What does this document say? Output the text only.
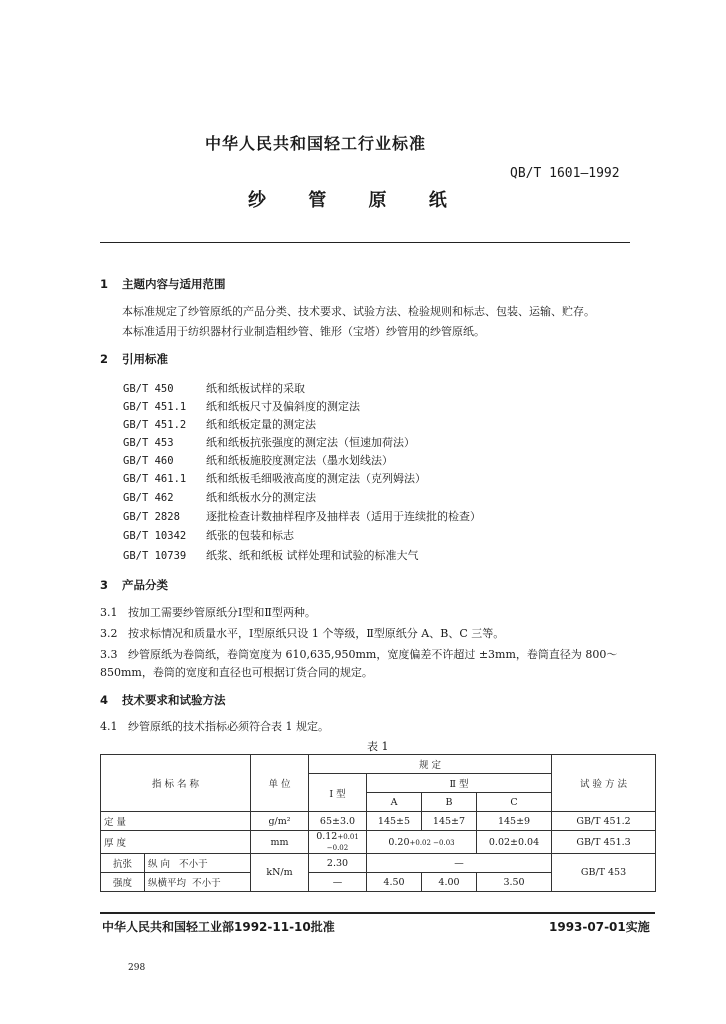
中华人民共和国轻工行业标准
QB/T 1601—1992
纱 管 原 纸
1 主题内容与适用范围
本标准规定了纱管原纸的产品分类、技术要求、试验方法、检验规则和标志、包装、运输、贮存。
本标准适用于纺织器材行业制造粗纱管、锥形（宝塔）纱管用的纱管原纸。
2 引用标准
GB/T 450	纸和纸板试样的采取
GB/T 451.1 纸和纸板尺寸及偏斜度的测定法
GB/T 451.2 纸和纸板定量的测定法
GB/T 453	纸和纸板抗张强度的测定法（恒速加荷法）
GB/T 460	纸和纸板施胶度测定法（墨水划线法）
GB/T 461.1 纸和纸板毛细吸液高度的测定法（克列姆法）
GB/T 462	纸和纸板水分的测定法
GB/T 2828 逐批检查计数抽样程序及抽样表（适用于连续批的检查）
GB/T 10342 纸张的包装和标志
GB/T 10739 纸浆、纸和纸板 试样处理和试验的标准大气
3 产品分类
3.1 按加工需要纱管原纸分Ⅰ型和Ⅱ型两种。
3.2 按求标情况和质量水平，Ⅰ型原纸只设 1 个等级，Ⅱ型原纸分 A、B、C 三等。
3.3 纱管原纸为卷筒纸，卷筒宽度为 610,635,950mm，宽度偏差不许超过 ±3mm，卷筒直径为 800～
850mm，卷筒的宽度和直径也可根据订货合同的规定。
4 技术要求和试验方法
4.1 纱管原纸的技术指标必须符合表 1 规定。
表 1
指 标 名 称		单 位	规 定				试 验 方 法
			Ⅰ 型	Ⅱ 型			
				A	B	C	
定 量		g/m²	65±3.0	145±5	145±7	145±9	GB/T 451.2
厚 度		mm	0.12+0.01 −0.02	0.20+0.02 −0.03		0.02±0.04	GB/T 451.3
抗张	纵 向 不小于	kN/m	2.30	—			GB/T 453
强度	纵横平均 不小于		—	4.50	4.00	3.50	
中华人民共和国轻工业部1992-11-10批准	1993-07-01实施
298
